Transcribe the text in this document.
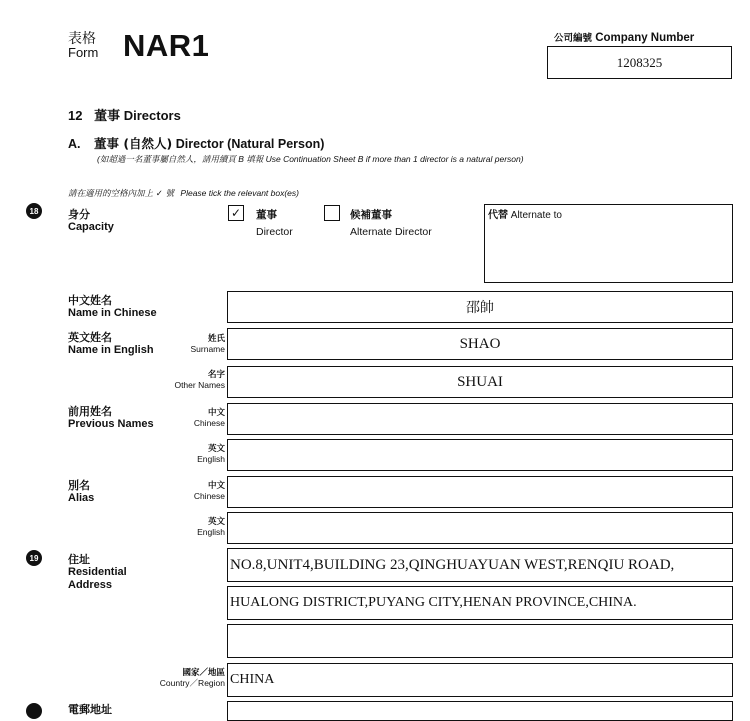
表格
Form NAR1	公司編號 Company Number
1208325
12 董事 Directors
A. 董事 (自然人) Director (Natural Person)
(如超過一名董事屬自然人，請用續頁 B 填報 Use Continuation Sheet B if more than 1 director is a natural person)
請在適用的空格內加上 ✓ 號 Please tick the relevant box(es)
18	身分
Capacity
✓ 董事
Director
候補董事
Alternate Director
代替 Alternate to
中文姓名
Name in Chinese	邵帥
英文姓名
Name in English
姓氏
Surname	SHAO
名字
Other Names	SHUAI
前用姓名
Previous Names
中文
Chinese
英文
English
別名
Alias
中文
Chinese
英文
English
19	住址
Residential
Address
NO.8,UNIT4,BUILDING 23,QINGHUAYUAN WEST,RENQIU ROAD,
HUALONG DISTRICT,PUYANG CITY,HENAN PROVINCE,CHINA.
國家／地區
Country／Region CHINA
電郵地址
